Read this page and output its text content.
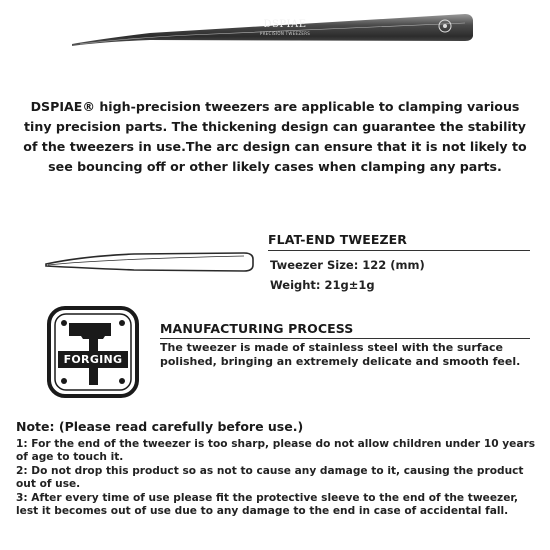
DSPIAE
PRECISION TWEEZERS
DSPIAE® high-precision tweezers are applicable to clamping various tiny precision parts. The thickening design can guarantee the stability of the tweezers in use.The arc design can ensure that it is not likely to see bouncing off or other likely cases when clamping any parts.
FLAT-END TWEEZER
Tweezer Size: 122 (mm)
Weight: 21g±1g
FORGING
MANUFACTURING PROCESS
The tweezer is made of stainless steel with the surface polished, bringing an extremely delicate and smooth feel.
Note: (Please read carefully before use.)
1: For the end of the tweezer is too sharp, please do not allow children under 10 years of age to touch it.
2: Do not drop this product so as not to cause any damage to it, causing the product out of use.
3: After every time of use please fit the protective sleeve to the end of the tweezer, lest it becomes out of use due to any damage to the end in case of accidental fall.
